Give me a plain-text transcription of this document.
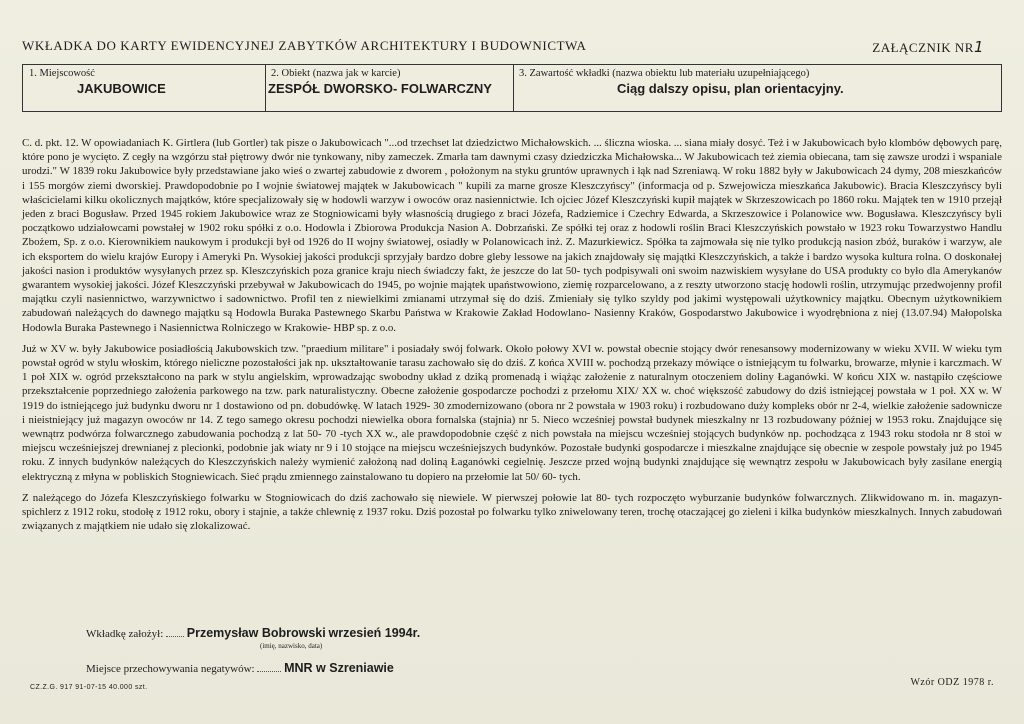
WKŁADKA DO KARTY EWIDENCYJNEJ ZABYTKÓW ARCHITEKTURY I BUDOWNICTWA	ZAŁĄCZNIK NR1
1. Miejscowość
JAKUBOWICE
2. Obiekt (nazwa jak w karcie)
ZESPÓŁ DWORSKO- FOLWARCZNY
3. Zawartość wkładki (nazwa obiektu lub materiału uzupełniającego)
Ciąg dalszy opisu, plan orientacyjny.

C. d. pkt. 12. W opowiadaniach K. Girtlera (lub Gortler) tak pisze o Jakubowicach "...od trzechset lat dziedzictwo Michałowskich. ... śliczna wioska. ... siana miały dosyć. Też i w Jakubowicach było klombów dębowych parę, które pono je wycięto. Z cegły na wzgórzu stał piętrowy dwór nie tynkowany, niby zameczek. Zmarła tam dawnymi czasy dziedziczka Michałowska... W Jakubowicach też ziemia obiecana, tam się zawsze urodzi i wspaniale urodzi." W 1839 roku Jakubowice były przedstawiane jako wieś o zwartej zabudowie z dworem , położonym na styku gruntów uprawnych i łąk nad Szreniawą. W roku 1882 były w Jakubowicach 24 dymy, 208 mieszkańców i 155 morgów ziemi dworskiej. Prawdopodobnie po I wojnie światowej majątek w Jakubowicach " kupili za marne grosze Kleszczyńscy" (informacja od p. Szwejowicza mieszkańca Jakubowic). Bracia Kleszczyńscy byli właścicielami kilku okolicznych majątków, które specjalizowały się w hodowli warzyw i owoców oraz nasiennictwie. Ich ojciec Józef Kleszczyński kupił majątek w Skrzeszowicach po 1860 roku. Majątek ten w 1910 przejął jeden z braci Bogusław. Przed 1945 rokiem Jakubowice wraz ze Stogniowicami były własnością drugiego z braci Józefa, Radziemice i Czechry Edwarda, a Skrzeszowice i Polanowice ww. Bogusława. Kleszczyńscy byli początkowo udziałowcami powstałej w 1902 roku spółki z o.o. Hodowla i Zbiorowa Produkcja Nasion A. Dobrzański. Ze spółki tej oraz z hodowli roślin Braci Kleszczyńskich powstało w 1923 roku Towarzystwo Handlu Zbożem, Sp. z o.o. Kierownikiem naukowym i produkcji był od 1926 do II wojny światowej, osiadły w Polanowicach inż. Z. Mazurkiewicz. Spółka ta zajmowała się nie tylko produkcją nasion zbóż, buraków i warzyw, ale ich eksportem do wielu krajów Europy i Ameryki Pn. Wysokiej jakości produkcji sprzyjały bardzo dobre gleby lessowe na jakich znajdowały się majątki Kleszczyńskich, a także i bardzo wysoka kultura rolna. O doskonałej jakości nasion i produktów wysyłanych przez sp. Kleszczyńskich poza granice kraju niech świadczy fakt, że jeszcze do lat 50- tych podpisywali oni swoim nazwiskiem wysyłane do USA produkty co było dla Amerykanów gwarantem wysokiej jakości. Józef Kleszczyński przebywał w Jakubowicach do 1945, po wojnie majątek upaństwowiono, ziemię rozparcelowano, a z reszty utworzono stację hodowli roślin, utrzymując przedwojenny profil majątku czyli nasiennictwo, warzywnictwo i sadownictwo. Profil ten z niewielkimi zmianami utrzymał się do dziś. Zmieniały się tylko szyldy pod jakimi występowali użytkownicy majątku. Obecnym użytkownikiem zabudowań należących do dawnego majątku są Hodowla Buraka Pastewnego Skarbu Państwa w Krakowie Zakład Hodowlano- Nasienny Kraków, Gospodarstwo Jakubowice i wyodrębniona z niej (13.07.94) Małopolska Hodowla Buraka Pastewnego i Nasiennictwa Rolniczego w Krakowie- HBP sp. z o.o.

Już w XV w. były Jakubowice posiadłością Jakubowskich tzw. "praedium militare" i posiadały swój folwark. Około połowy XVI w. powstał obecnie stojący dwór renesansowy modernizowany w wieku XVII. W wieku tym powstał ogród w stylu włoskim, którego nieliczne pozostałości jak np. ukształtowanie tarasu zachowało się do dziś. Z końca XVIII w. pochodzą przekazy mówiące o istniejącym tu folwarku, browarze, młynie i karczmach. W 1 poł XIX w. ogród przekształcono na park w stylu angielskim, wprowadzając swobodny układ z dziką promenadą i wiążąc założenie z naturalnym otoczeniem doliny Łaganówki. W końcu XIX w. nastąpiło częściowe przekształcenie poprzedniego założenia parkowego na tzw. park naturalistyczny. Obecne założenie gospodarcze pochodzi z przełomu XIX/ XX w. choć większość zabudowy do dziś istniejącej powstała w 1 poł. XX w. W 1919 do istniejącego już budynku dworu nr 1 dostawiono od pn. dobudówkę. W latach 1929- 30 zmodernizowano (obora nr 2 powstała w 1903 roku) i rozbudowano duży kompleks obór nr 2-4, wielkie założenie sadownicze i nieistniejący już magazyn owoców nr 14. Z tego samego okresu pochodzi niewielka obora fornalska (stajnia) nr 5. Nieco wcześniej powstał budynek mieszkalny nr 13 rozbudowany później w 1953 roku. Znajdujące się wewnątrz podwórza folwarcznego zabudowania pochodzą z lat 50- 70 -tych XX w., ale prawdopodobnie część z nich powstała na miejscu wcześniej stojących budynków np. pochodząca z 1943 roku stodoła nr 8 stoi w miejscu wcześniejszej drewnianej z plecionki, podobnie jak wiaty nr 9 i 10 stojące na miejscu wcześniejszych budynków. Pozostałe budynki gospodarcze i mieszkalne znajdujące się obecnie w zespole powstały już po 1945 roku. Z innych budynków należących do Kleszczyńskich należy wymienić założoną nad doliną Łaganówki cegielnię. Jeszcze przed wojną budynki znajdujące się wewnątrz zespołu w Jakubowicach były zasilane energią elektryczną z młyna w pobliskich Stogniewicach. Sieć prądu zmiennego zainstalowano tu dopiero na przełomie lat 50/ 60- tych.

Z należącego do Józefa Kleszczyńskiego folwarku w Stogniowicach do dziś zachowało się niewiele. W pierwszej połowie lat 80- tych rozpoczęto wyburzanie budynków folwarcznych. Zlikwidowano m. in. magazyn- spichlerz z 1912 roku, stodołę z 1912 roku, obory i stajnie, a także chlewnię z 1937 roku. Dziś pozostał po folwarku tylko zniwelowany teren, trochę otaczającej go zieleni i kilka budynków mieszkalnych. Innych zabudowań związanych z majątkiem nie udało się zlokalizować.

Wkładkę założył: Przemysław Bobrowski wrzesień 1994r.
(imię, nazwisko, data)
Miejsce przechowywania negatywów: MNR w Szreniawie
CZ.Z.G. 917 91-07-15 40.000 szt.	Wzór ODZ 1978 r.
